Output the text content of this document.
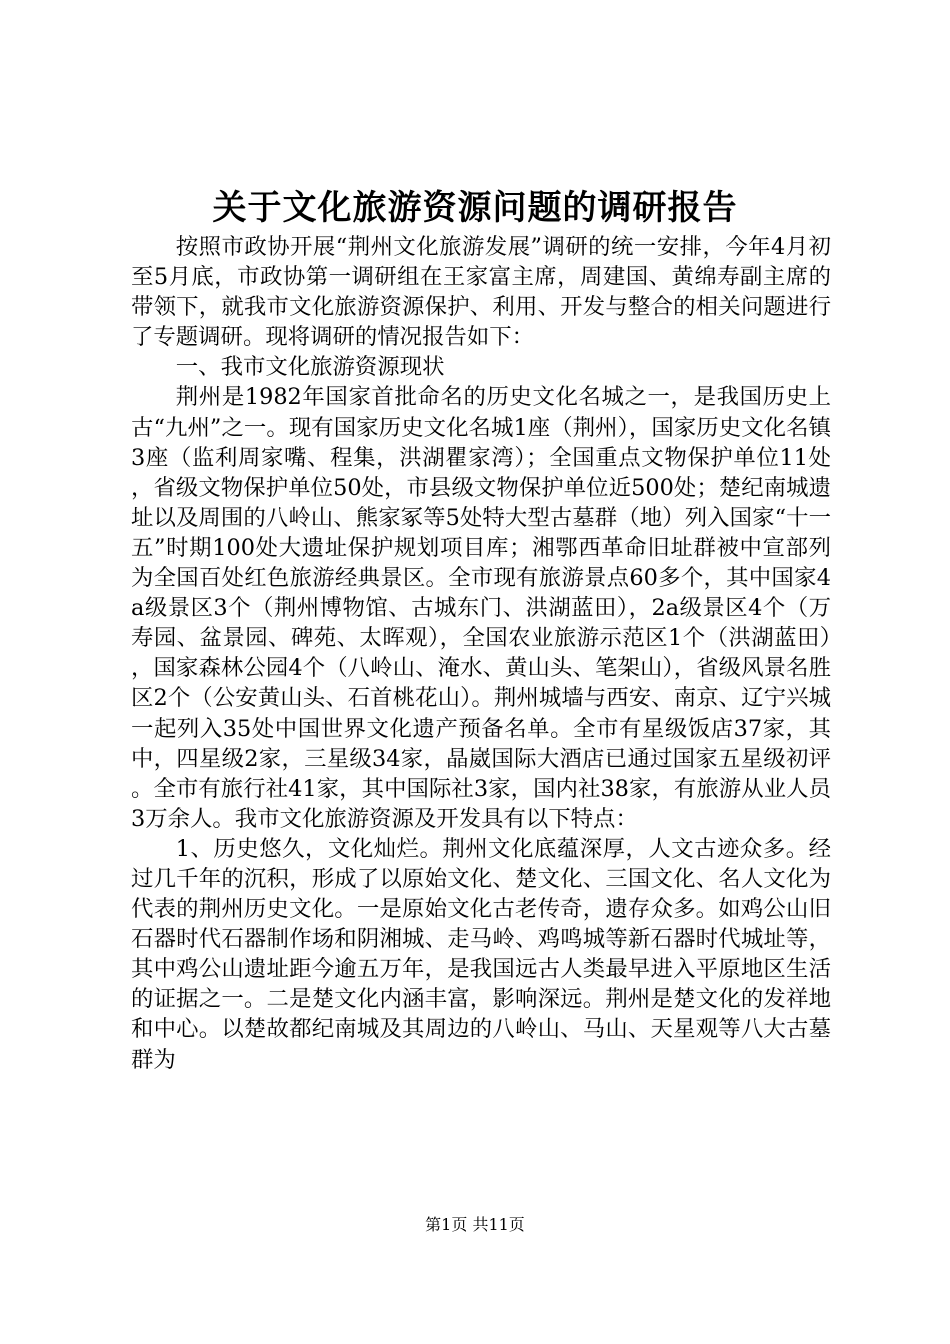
关于文化旅游资源问题的调研报告

按照市政协开展“荆州文化旅游发展”调研的统一安排，今年4月初至5月底，市政协第一调研组在王家富主席，周建国、黄绵寿副主席的带领下，就我市文化旅游资源保护、利用、开发与整合的相关问题进行了专题调研。现将调研的情况报告如下：

一、我市文化旅游资源现状

荆州是1982年国家首批命名的历史文化名城之一，是我国历史上古“九州”之一。现有国家历史文化名城1座（荆州），国家历史文化名镇3座（监利周家嘴、程集，洪湖瞿家湾）；全国重点文物保护单位11处，省级文物保护单位50处，市县级文物保护单位近500处；楚纪南城遗址以及周围的八岭山、熊家冢等5处特大型古墓群（地）列入国家“十一五”时期100处大遗址保护规划项目库；湘鄂西革命旧址群被中宣部列为全国百处红色旅游经典景区。全市现有旅游景点60多个，其中国家4a级景区3个（荆州博物馆、古城东门、洪湖蓝田），2a级景区4个（万寿园、盆景园、碑苑、太晖观），全国农业旅游示范区1个（洪湖蓝田），国家森林公园4个（八岭山、淹水、黄山头、笔架山），省级风景名胜区2个（公安黄山头、石首桃花山）。荆州城墙与西安、南京、辽宁兴城一起列入35处中国世界文化遗产预备名单。全市有星级饭店37家，其中，四星级2家，三星级34家，晶崴国际大酒店已通过国家五星级初评。全市有旅行社41家，其中国际社3家，国内社38家，有旅游从业人员3万余人。我市文化旅游资源及开发具有以下特点：

1、历史悠久，文化灿烂。荆州文化底蕴深厚，人文古迹众多。经过几千年的沉积，形成了以原始文化、楚文化、三国文化、名人文化为代表的荆州历史文化。一是原始文化古老传奇，遗存众多。如鸡公山旧石器时代石器制作场和阴湘城、走马岭、鸡鸣城等新石器时代城址等，其中鸡公山遗址距今逾五万年，是我国远古人类最早进入平原地区生活的证据之一。二是楚文化内涵丰富，影响深远。荆州是楚文化的发祥地和中心。以楚故都纪南城及其周边的八岭山、马山、天星观等八大古墓群为

第1页 共11页
